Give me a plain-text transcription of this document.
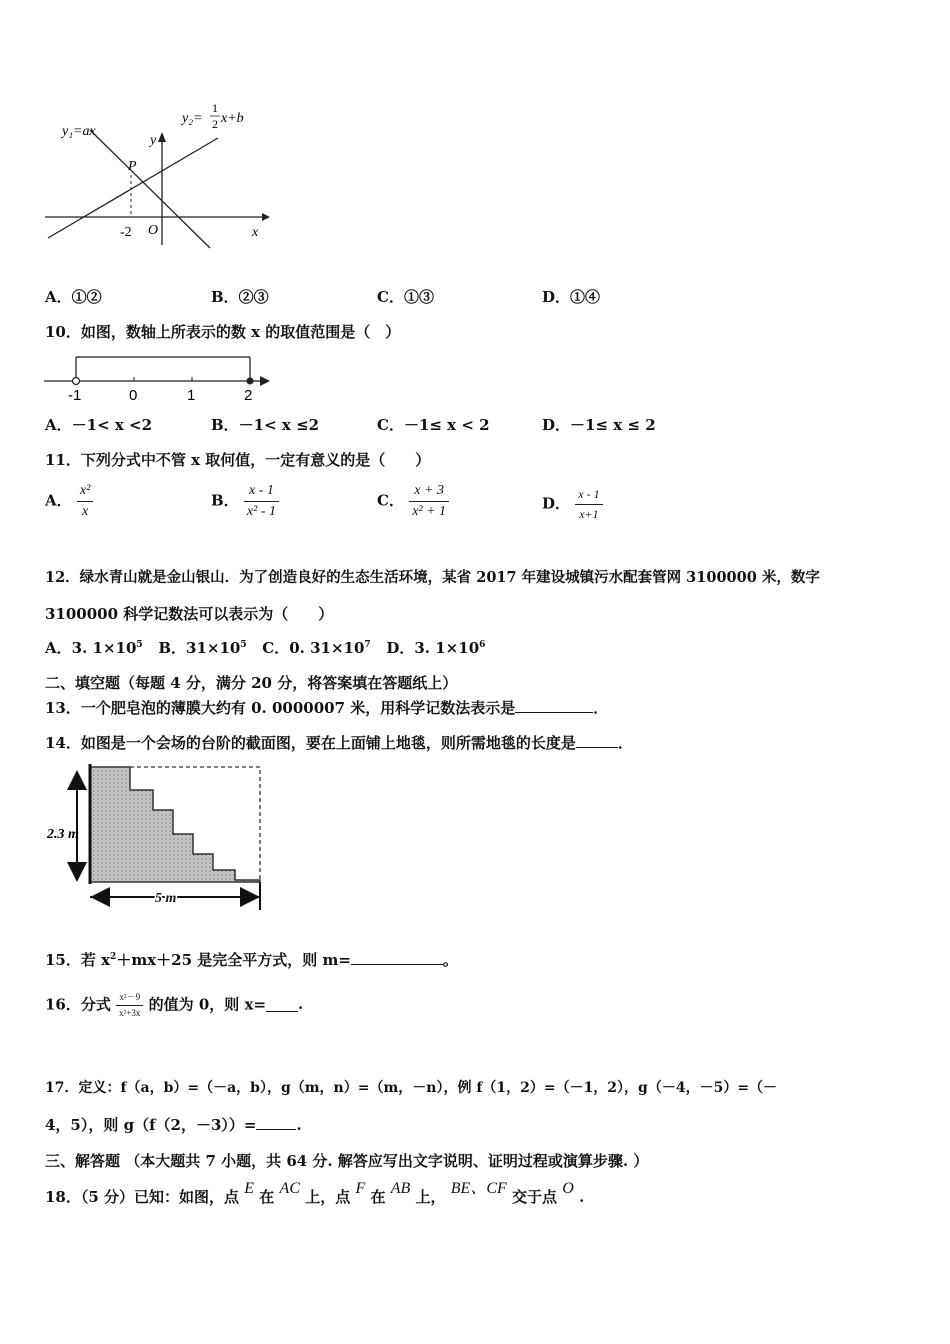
y₁=ax
y₂=
1
2 x+b
y
x
P
O
-2
A．①②	B．②③	C．①③	D．①④
10．如图，数轴上所表示的数 x 的取值范围是（　）
-1	0	1	2
A．－1< x <2	B．－1< x ≤2	C．－1≤ x < 2	D．－1≤ x ≤ 2
11．下列分式中不管 x 取何值，一定有意义的是（　　）
A． $\frac{\text{x²}}{x}$	B． $\frac{x - 1}{\text{x² - 1}}$	C． $\frac{x + 3}{\text{x² + 1}}$	D． $\frac{x - 1}{x+1}$
12．绿水青山就是金山银山．为了创造良好的生态生活环境，某省 2017 年建设城镇污水配套管网 3100000 米，数字
3100000 科学记数法可以表示为（　　）
A．3. $1\times 10^5$ B．$31\times 10^5$ C．0. $31\times 10^7$ D．3. $1\times 10^6$
二、填空题（每题 4 分，满分 20 分，将答案填在答题纸上）
13．一个肥皂泡的薄膜大约有 0. 0000007 米，用科学记数法表示是	．
14．如图是一个会场的台阶的截面图，要在上面铺上地毯，则所需地毯的长度是	．
2.3 m
5 m
15．若 $x^2+mx+25$ 是完全平方式，则 m=	。
16．分式 $\frac{\text{x²－9}}{\text{x²+3x}}$ 的值为 0，则 x= .
17．定义：f（a，b）=（－a，b），g（m，n）=（m，－n），例 f（1，2）=（－1，2），g（－4，－5）=（－
4，5），则 g（f（2，－3））=	.
三、解答题 （本大题共 7 小题，共 64 分. 解答应写出文字说明、证明过程或演算步骤. ）
18．（5 分）已知：如图，点 E 在 AC 上，点 F 在 AB 上， BE、CF 交于点 O .
